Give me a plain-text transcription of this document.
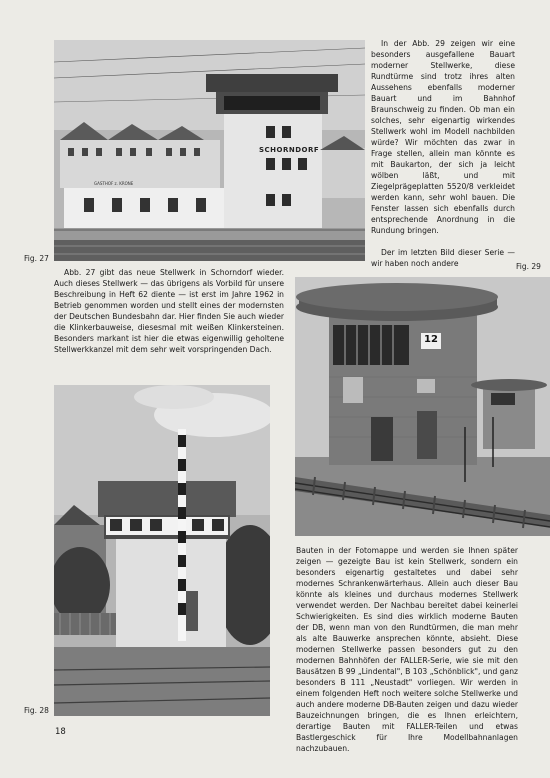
SCHORNDORF
GASTHOF z. KRONE
Fig. 27

In der Abb. 29 zeigen wir eine besonders ausgefallene Bauart moderner Stellwerke, diese Rundtürme sind trotz ihres alten Aussehens ebenfalls moderner Bauart und im Bahnhof Braunschweig zu finden. Ob man ein solches, sehr eigenartig wirkendes Stellwerk wohl im Modell nachbilden würde? Wir möchten das zwar in Frage stellen, allein man könnte es mit Baukarton, der sich ja leicht wölben läßt, und mit Ziegelprägeplatten 5520/8 verkleidet werden kann, sehr wohl bauen. Die Fenster lassen sich ebenfalls durch entsprechende Anordnung in die Rundung bringen.

Der im letzten Bild dieser Serie — wir haben noch andere	Fig. 29

Abb. 27 gibt das neue Stellwerk in Schorndorf wieder. Auch dieses Stellwerk — das übrigens als Vorbild für unsere Beschreibung in Heft 62 diente — ist erst im Jahre 1962 in Betrieb genommen worden und stellt eines der modernsten der Deutschen Bundesbahn dar. Hier finden Sie auch wieder die Klinkerbauweise, diesesmal mit weißen Klinkersteinen. Besonders markant ist hier die etwas eigenwillig geholtene Stellwerkkanzel mit dem sehr weit vorspringenden Dach.

12
Fig. 28

Bauten in der Fotomappe und werden sie Ihnen später zeigen — gezeigte Bau ist kein Stellwerk, sondern ein besonders eigenartig gestaltetes und dabei sehr modernes Schrankenwärterhaus. Allein auch dieser Bau könnte als kleines und durchaus modernes Stellwerk verwendet werden. Der Nachbau bereitet dabei keinerlei Schwierigkeiten. Es sind dies wirklich moderne Bauten der DB, wenn man von den Rundtürmen, die man mehr als alte Bauwerke ansprechen könnte, absieht. Diese modernen Stellwerke passen besonders gut zu den modernen Bahnhöfen der FALLER-Serie, wie sie mit den Bausätzen B 99 „Lindental", B 103 „Schönblick", und ganz besonders B 111 „Neustadt" vorliegen. Wir werden in einem folgenden Heft noch weitere solche Stellwerke und auch andere moderne DB-Bauten zeigen und dazu wieder Bauzeichnungen bringen, die es Ihnen erleichtern, derartige Bauten mit FALLER-Teilen und etwas Bastlergeschick für Ihre Modellbahnanlagen nachzubauen.

18
